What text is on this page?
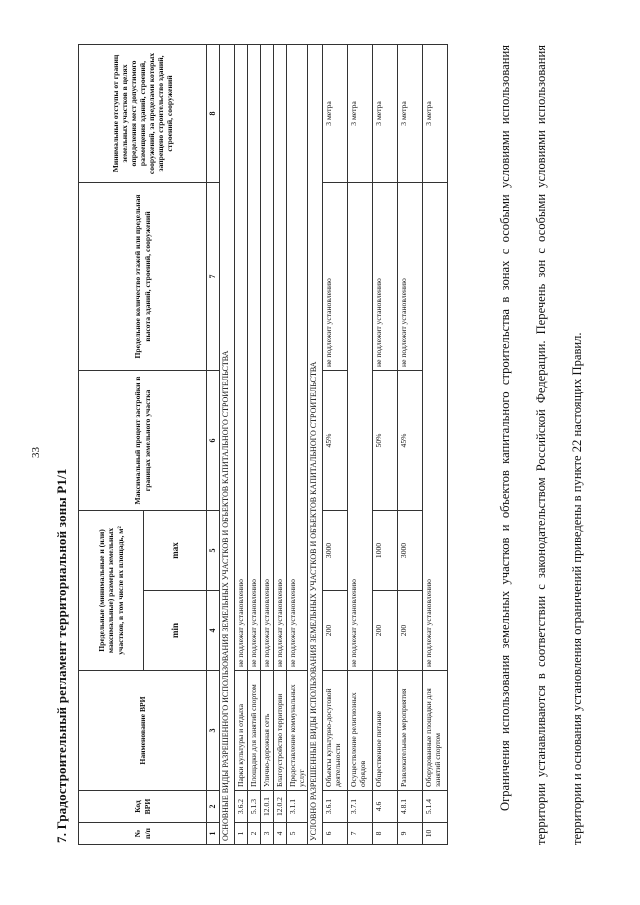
33
7. Градостроительный регламент территориальной зоны Р1/1	№ п/п	Код ВРИ	Наименование ВРИ	Предельные (минимальные и (или) максимальные) размеры земельных участков, в том числе их площадь, м²		Максимальный процент застройки в границах земельного участка	Предельное количество этажей или предельная высота зданий, строений, сооружений	Минимальные отступы от границ земельных участков в целях определения мест допустимого размещения зданий, строений, сооружений, за пределами которых запрещено строительство зданий, строений, сооружений
			min	max			
1	2	3	4	5	6	7	8
ОСНОВНЫЕ ВИДЫ РАЗРЕШЕННОГО ИСПОЛЬЗОВАНИЯ ЗЕМЕЛЬНЫХ УЧАСТКОВ И ОБЪЕКТОВ КАПИТАЛЬНОГО СТРОИТЕЛЬСТВА							
1	3.6.2	Парки культуры и отдыха	не подлежат установлению				
2	5.1.3	Площадки для занятий спортом	не подлежат установлению				
3	12.0.1	Улично-дорожная сеть	не подлежат установлению				
4	12.0.2	Благоустройство территории	не подлежат установлению				
5	3.1.1	Предоставление коммунальных услуг	не подлежат установлению				
УСЛОВНО РАЗРЕШЕННЫЕ ВИДЫ ИСПОЛЬЗОВАНИЯ ЗЕМЕЛЬНЫХ УЧАСТКОВ И ОБЪЕКТОВ КАПИТАЛЬНОГО СТРОИТЕЛЬСТВА							
6	3.6.1	Объекты культурно-досуговой деятельности	200	3000	45%	не подлежит установлению	3 метра
7	3.7.1	Осуществление религиозных обрядов	не подлежат установлению				3 метра
8	4.6	Общественное питание	200	1000	50%	не подлежит установлению	3 метра
9	4.8.1	Развлекательные мероприятия	200	3000	45%	не подлежит установлению	3 метра
10	5.1.4	Оборудованные площадки для занятий спортом	не подлежат установлению				3 метра	Ограничения использования земельных участков и объектов капитального строительства в зонах с особыми условиями использования территории устанавливаются в соответствии с законодательством Российской Федерации. Перечень зон с особыми условиями использования территории и основания установления ограничений приведены в пункте 22 настоящих Правил.
